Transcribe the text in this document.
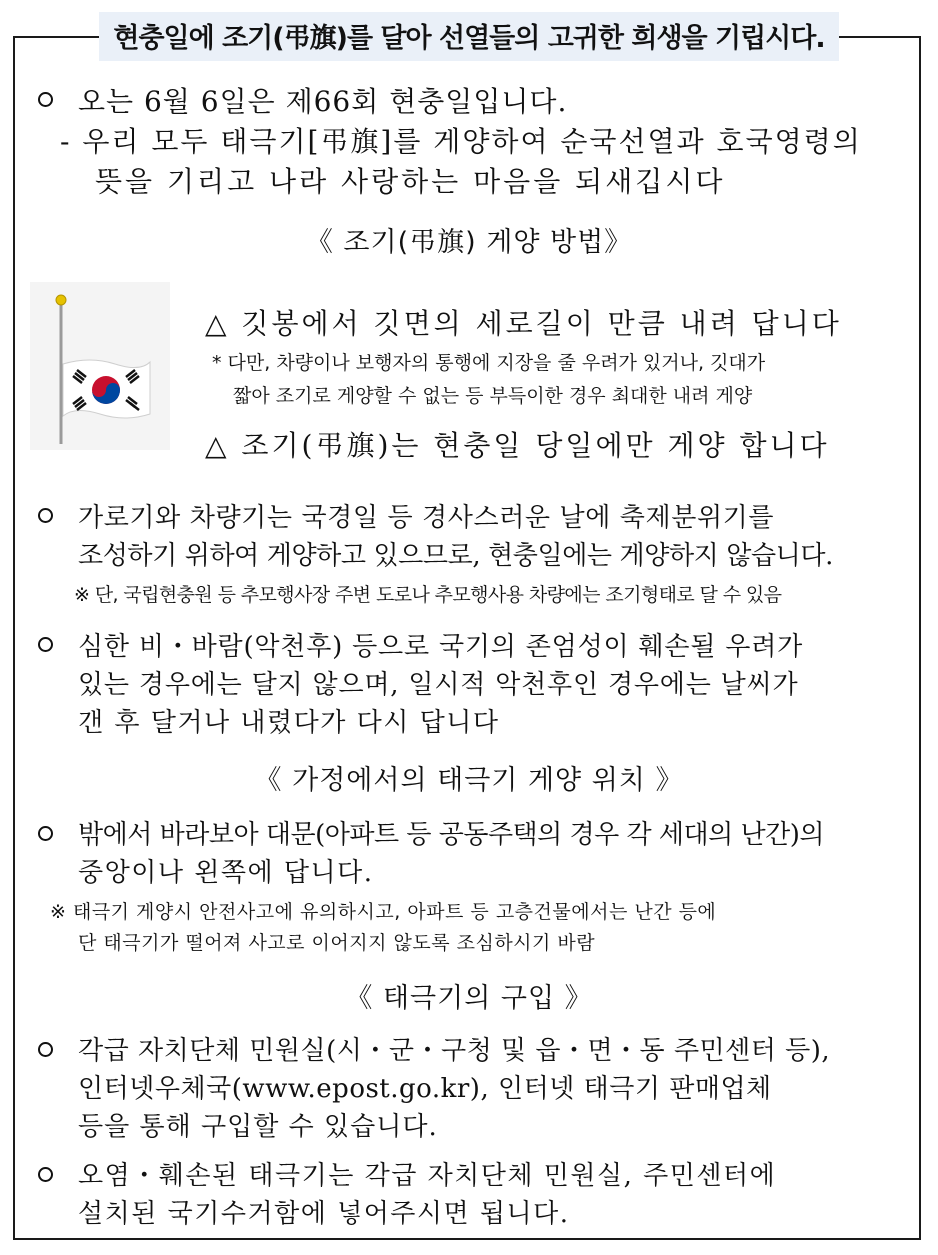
현충일에 조기(弔旗)를 달아 선열들의 고귀한 희생을 기립시다.
오는 6월 6일은 제66회 현충일입니다.
- 우리 모두 태극기[弔旗]를 게양하여 순국선열과 호국영령의
뜻을 기리고 나라 사랑하는 마음을 되새깁시다
《 조기(弔旗) 게양 방법》
△ 깃봉에서 깃면의 세로길이 만큼 내려 답니다
* 다만, 차량이나 보행자의 통행에 지장을 줄 우려가 있거나, 깃대가
짧아 조기로 게양할 수 없는 등 부득이한 경우 최대한 내려 게양
△ 조기(弔旗)는 현충일 당일에만 게양 합니다
가로기와 차량기는 국경일 등 경사스러운 날에 축제분위기를
조성하기 위하여 게양하고 있으므로, 현충일에는 게양하지 않습니다.
※ 단, 국립현충원 등 추모행사장 주변 도로나 추모행사용 차량에는 조기형태로 달 수 있음
심한 비・바람(악천후) 등으로 국기의 존엄성이 훼손될 우려가
있는 경우에는 달지 않으며, 일시적 악천후인 경우에는 날씨가
갠 후 달거나 내렸다가 다시 답니다
《 가정에서의 태극기 게양 위치 》
밖에서 바라보아 대문(아파트 등 공동주택의 경우 각 세대의 난간)의
중앙이나 왼쪽에 답니다.
※ 태극기 게양시 안전사고에 유의하시고, 아파트 등 고층건물에서는 난간 등에
단 태극기가 떨어져 사고로 이어지지 않도록 조심하시기 바람
《 태극기의 구입 》
각급 자치단체 민원실(시・군・구청 및 읍・면・동 주민센터 등),
인터넷우체국(www.epost.go.kr), 인터넷 태극기 판매업체
등을 통해 구입할 수 있습니다.
오염・훼손된 태극기는 각급 자치단체 민원실, 주민센터에
설치된 국기수거함에 넣어주시면 됩니다.
